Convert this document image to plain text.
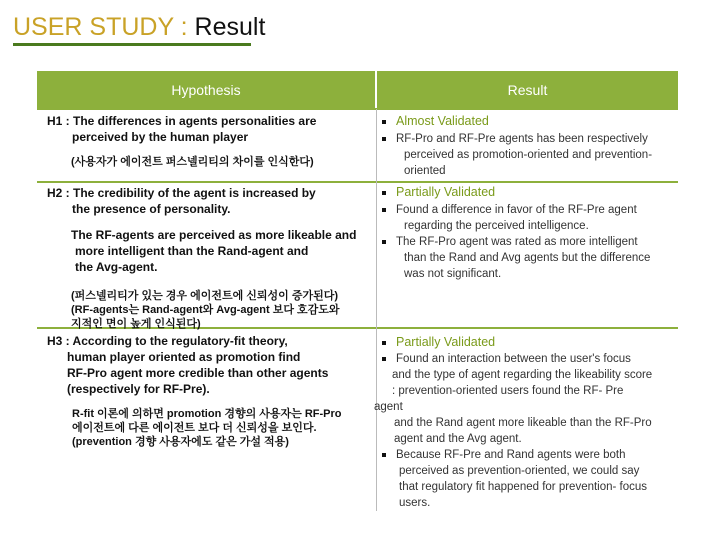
USER STUDY : Result
Hypothesis	Result
H1 : The differences in agents personalities are
perceived by the human player
(사용자가 에이전트 퍼스넬리티의 차이를 인식한다)
Almost Validated
RF-Pro and RF-Pre agents has been respectively
perceived as promotion-oriented and prevention-
oriented
H2 : The credibility of the agent is increased by
the presence of personality.
The RF-agents are perceived as more likeable and
more intelligent than the Rand-agent and
the Avg-agent.
(퍼스넬리티가 있는 경우 에이전트에 신뢰성이 증가된다)
(RF-agents는 Rand-agent와 Avg-agent 보다 호감도와
지적인 면이 높게 인식된다)
Partially Validated
Found a difference in favor of the RF-Pre agent
regarding the perceived intelligence.
The RF-Pro agent was rated as more intelligent
than the Rand and Avg agents but the difference
was not significant.
H3 : According to the regulatory-fit theory,
human player oriented as promotion find
RF-Pro agent more credible than other agents
(respectively for RF-Pre).
R-fit 이론에 의하면 promotion 경향의 사용자는 RF-Pro
에이전트에 다른 에이전트 보다 더 신뢰성을 보인다.
(prevention 경향 사용자에도 같은 가설 적용)
Partially Validated
Found an interaction between the user's focus
and the type of agent regarding the likeability score
: prevention-oriented users found the RF- Pre
agent
and the Rand agent more likeable than the RF-Pro
agent and the Avg agent.
Because RF-Pre and Rand agents were both
perceived as prevention-oriented, we could say
that regulatory fit happened for prevention- focus
users.
